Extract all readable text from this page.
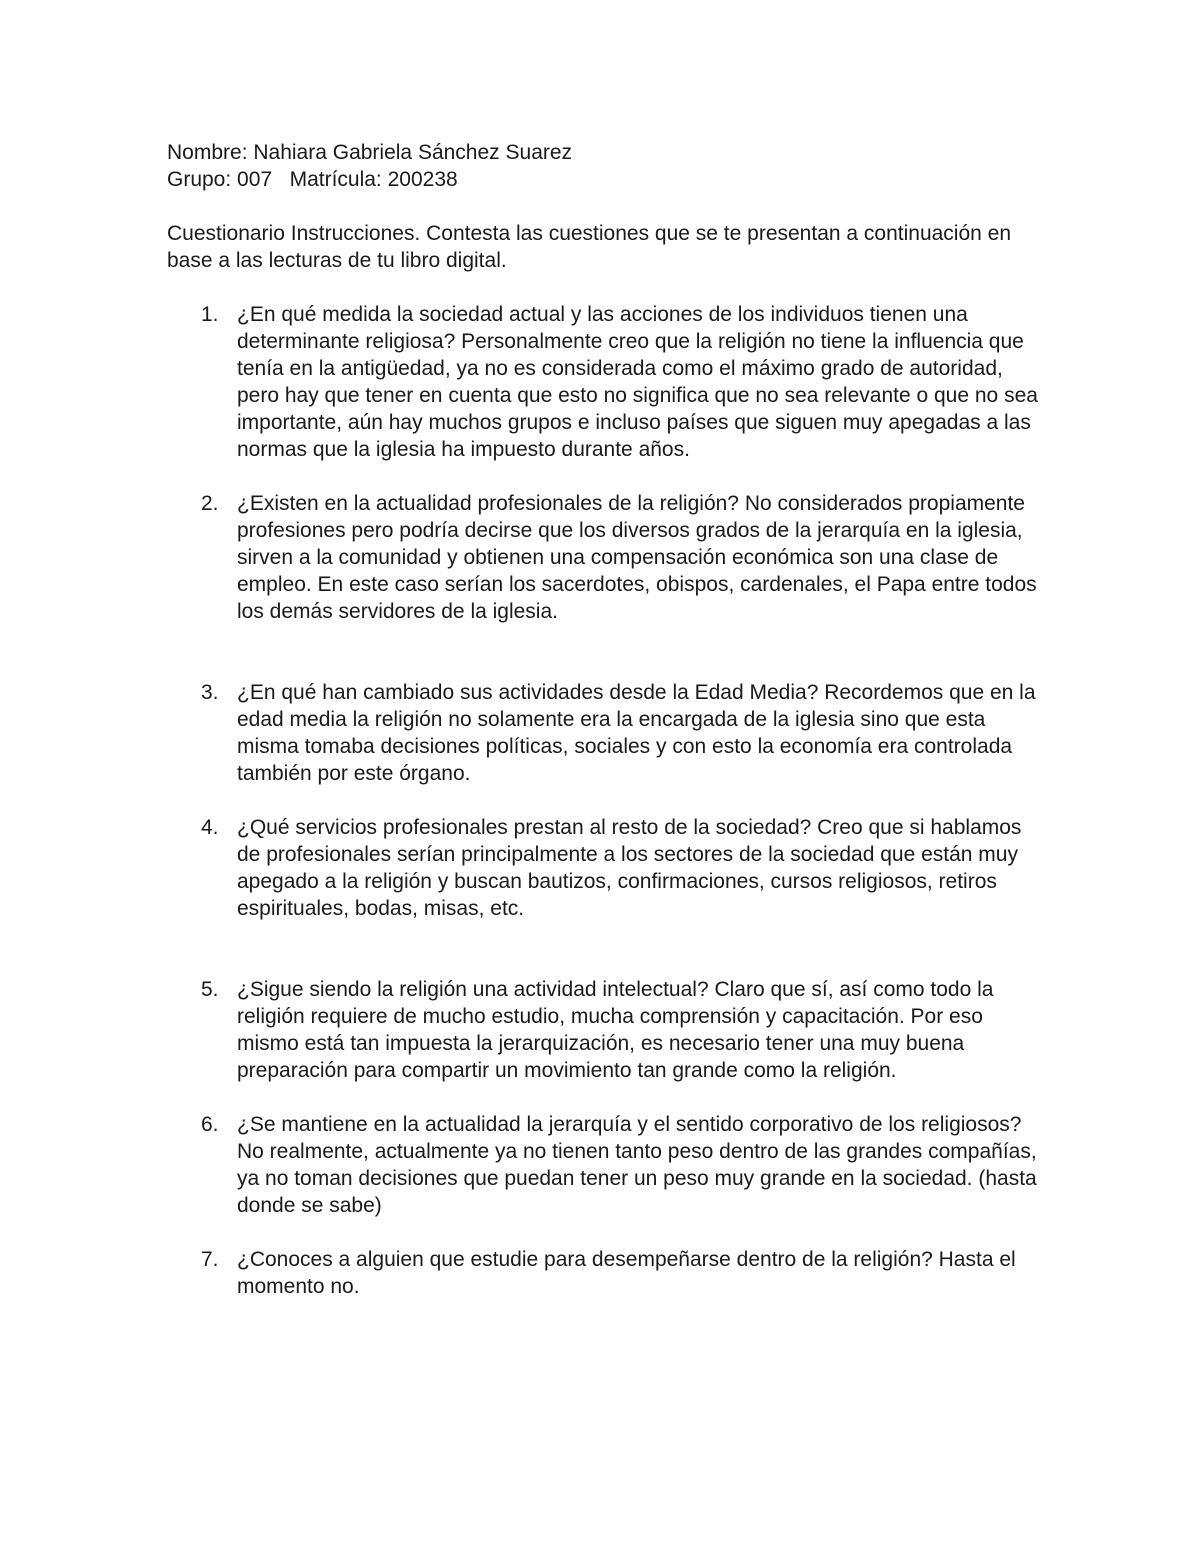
Nombre: Nahiara Gabriela Sánchez Suarez

Grupo: 007   Matrícula: 200238

Cuestionario Instrucciones. Contesta las cuestiones que se te presentan a continuación en base a las lecturas de tu libro digital.

1. ¿En qué medida la sociedad actual y las acciones de los individuos tienen una determinante religiosa? Personalmente creo que la religión no tiene la influencia que tenía en la antigüedad, ya no es considerada como el máximo grado de autoridad, pero hay que tener en cuenta que esto no significa que no sea relevante o que no sea importante, aún hay muchos grupos e incluso países que siguen muy apegadas a las normas que la iglesia ha impuesto durante años.
2. ¿Existen en la actualidad profesionales de la religión? No considerados propiamente profesiones pero podría decirse que los diversos grados de la jerarquía en la iglesia, sirven a la comunidad y obtienen una compensación económica son una clase de empleo. En este caso serían los sacerdotes, obispos, cardenales, el Papa entre todos los demás servidores de la iglesia.
3. ¿En qué han cambiado sus actividades desde la Edad Media? Recordemos que en la edad media la religión no solamente era la encargada de la iglesia sino que esta misma tomaba decisiones políticas, sociales y con esto la economía era controlada también por este órgano.
4. ¿Qué servicios profesionales prestan al resto de la sociedad? Creo que si hablamos de profesionales serían principalmente a los sectores de la sociedad que están muy apegado a la religión y buscan bautizos, confirmaciones, cursos religiosos, retiros espirituales, bodas, misas, etc.
5. ¿Sigue siendo la religión una actividad intelectual? Claro que sí, así como todo la religión requiere de mucho estudio, mucha comprensión y capacitación. Por eso mismo está tan impuesta la jerarquización, es necesario tener una muy buena preparación para compartir un movimiento tan grande como la religión.
6. ¿Se mantiene en la actualidad la jerarquía y el sentido corporativo de los religiosos? No realmente, actualmente ya no tienen tanto peso dentro de las grandes compañías, ya no toman decisiones que puedan tener un peso muy grande en la sociedad. (hasta donde se sabe)
7. ¿Conoces a alguien que estudie para desempeñarse dentro de la religión? Hasta el momento no.
